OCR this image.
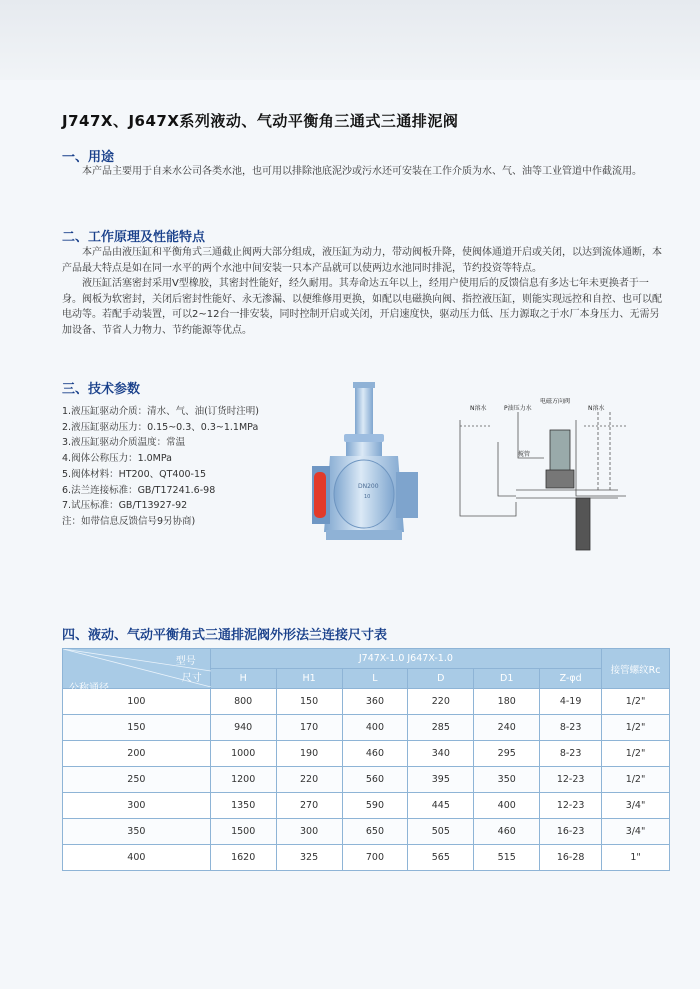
J747X、J647X系列液动、气动平衡角三通式三通排泥阀
一、用途

本产品主要用于自来水公司各类水池，也可用以排除池底泥沙或污水还可安装在工作介质为水、气、油等工业管道中作截流用。

二、工作原理及性能特点

本产品由液压缸和平衡角式三通截止阀两大部分组成，液压缸为动力，带动阀板升降，使阀体通道开启或关闭，以达到流体通断，本产品最大特点是如在同一水平的两个水池中间安装一只本产品就可以使两边水池同时排泥，节约投资等特点。

液压缸活塞密封采用V型橡胶，其密封性能好，经久耐用。其寿命达五年以上，经用户使用后的反馈信息有多达七年未更换者于一身。阀板为软密封，关闭后密封性能好、永无渗漏、以便维修用更换，如配以电磁换向阀、指控液压缸，则能实现远控和自控、也可以配电动等。若配手动装置，可以2~12台一排安装，同时控制开启或关闭，开启速度快，驱动压力低、压力源取之于水厂本身压力、无需另加设备、节省人力物力、节约能源等优点。

三、技术参数
1.液压缸驱动介质：清水、气、油(订货时注明)
2.液压缸驱动压力：0.15~0.3、0.3~1.1MPa
3.液压缸驱动介质温度：常温
4.阀体公称压力：1.0MPa
5.阀体材料：HT200、QT400-15
6.法兰连接标准：GB/T17241.6-98
7.试压标准：GB/T13927-92
注：如带信息反馈信号9另协商)
DN200
10
N溶水	P油压力水
电磁方向阀
N溶水
搅管
四、液动、气动平衡角式三通排泥阀外形法兰连接尺寸表
型号
尺寸
公称通径	J747X-1.0 J647X-1.0						接管螺纹Rc
	H	H1	L	D	D1	Z-φd	
100	800	150	360	220	180	4-19	1/2"
150	940	170	400	285	240	8-23	1/2"
200	1000	190	460	340	295	8-23	1/2"
250	1200	220	560	395	350	12-23	1/2"
300	1350	270	590	445	400	12-23	3/4"
350	1500	300	650	505	460	16-23	3/4"
400	1620	325	700	565	515	16-28	1"
